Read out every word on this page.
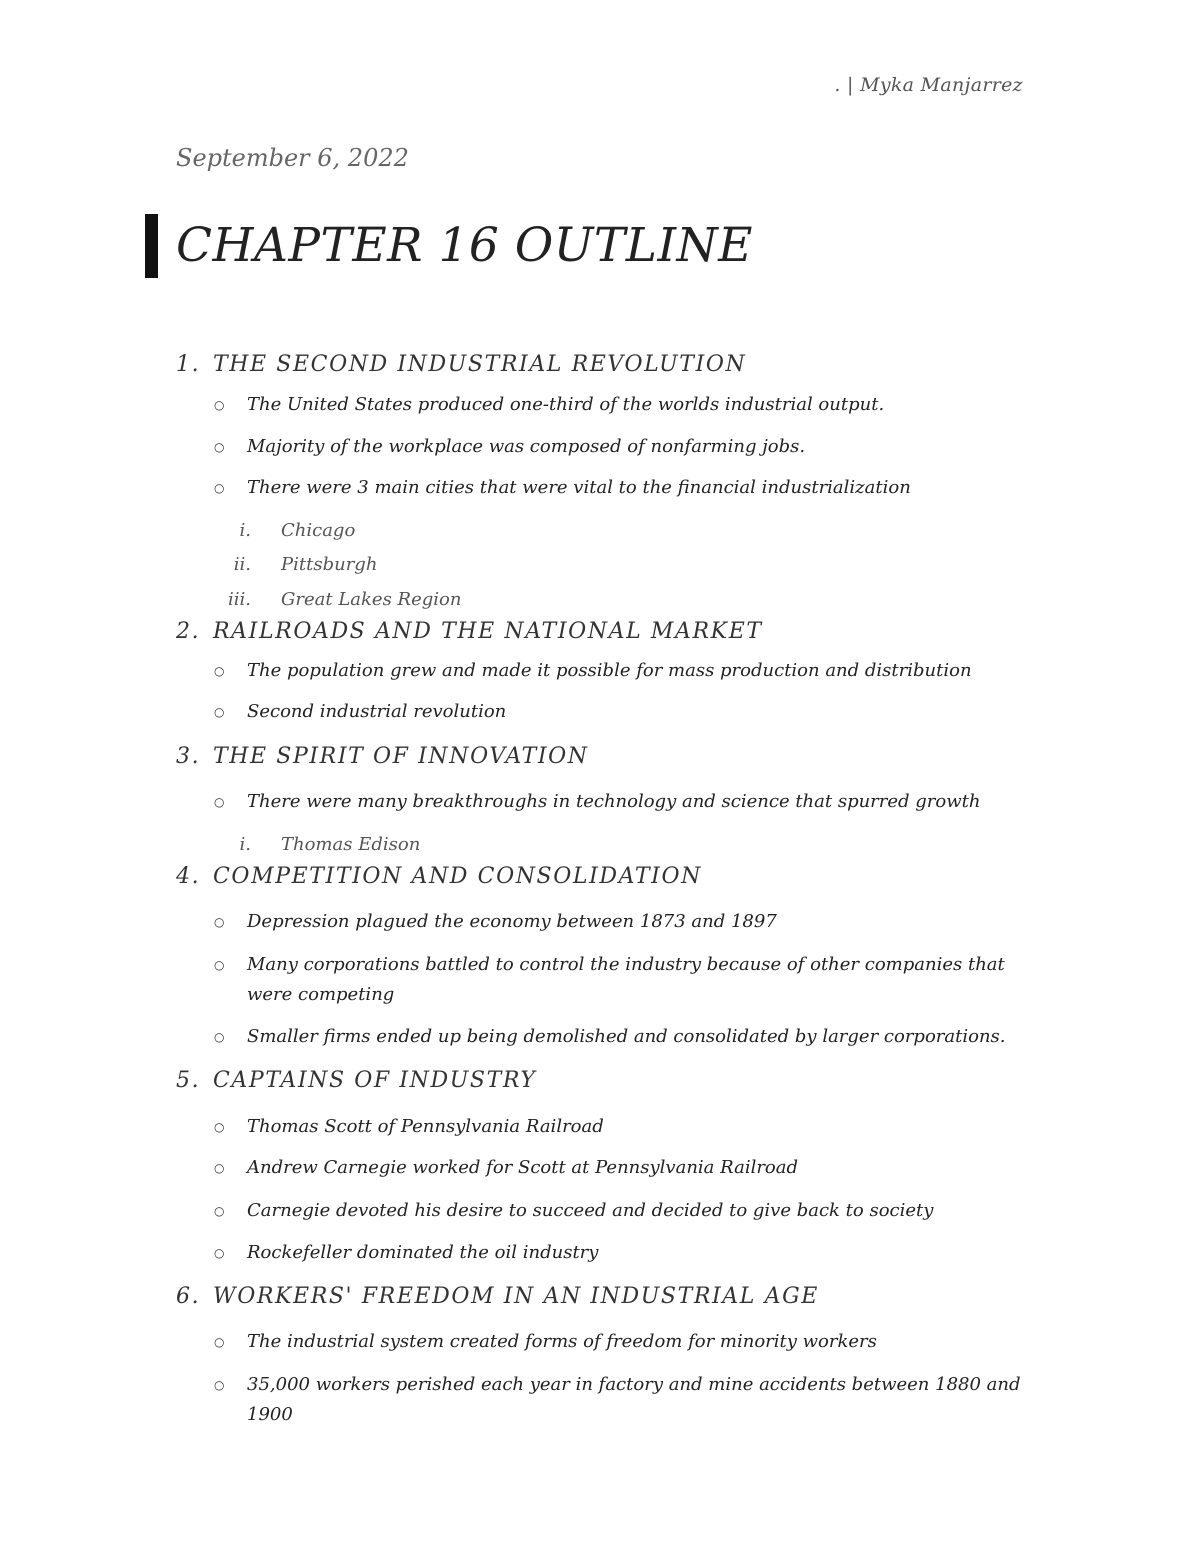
. | Myka Manjarrez
September 6, 2022
CHAPTER 16 OUTLINE
1. THE SECOND INDUSTRIAL REVOLUTION
○ The United States produced one-third of the worlds industrial output.
○ Majority of the workplace was composed of nonfarming jobs.
○ There were 3 main cities that were vital to the financial industrialization
i. Chicago
ii. Pittsburgh
iii. Great Lakes Region
2. RAILROADS AND THE NATIONAL MARKET
○ The population grew and made it possible for mass production and distribution
○ Second industrial revolution
3. THE SPIRIT OF INNOVATION
○ There were many breakthroughs in technology and science that spurred growth
i. Thomas Edison
4. COMPETITION AND CONSOLIDATION
○ Depression plagued the economy between 1873 and 1897
○ Many corporations battled to control the industry because of other companies that were competing
○ Smaller firms ended up being demolished and consolidated by larger corporations.
5. CAPTAINS OF INDUSTRY
○ Thomas Scott of Pennsylvania Railroad
○ Andrew Carnegie worked for Scott at Pennsylvania Railroad
○ Carnegie devoted his desire to succeed and decided to give back to society
○ Rockefeller dominated the oil industry
6. WORKERS' FREEDOM IN AN INDUSTRIAL AGE
○ The industrial system created forms of freedom for minority workers
○ 35,000 workers perished each year in factory and mine accidents between 1880 and 1900
